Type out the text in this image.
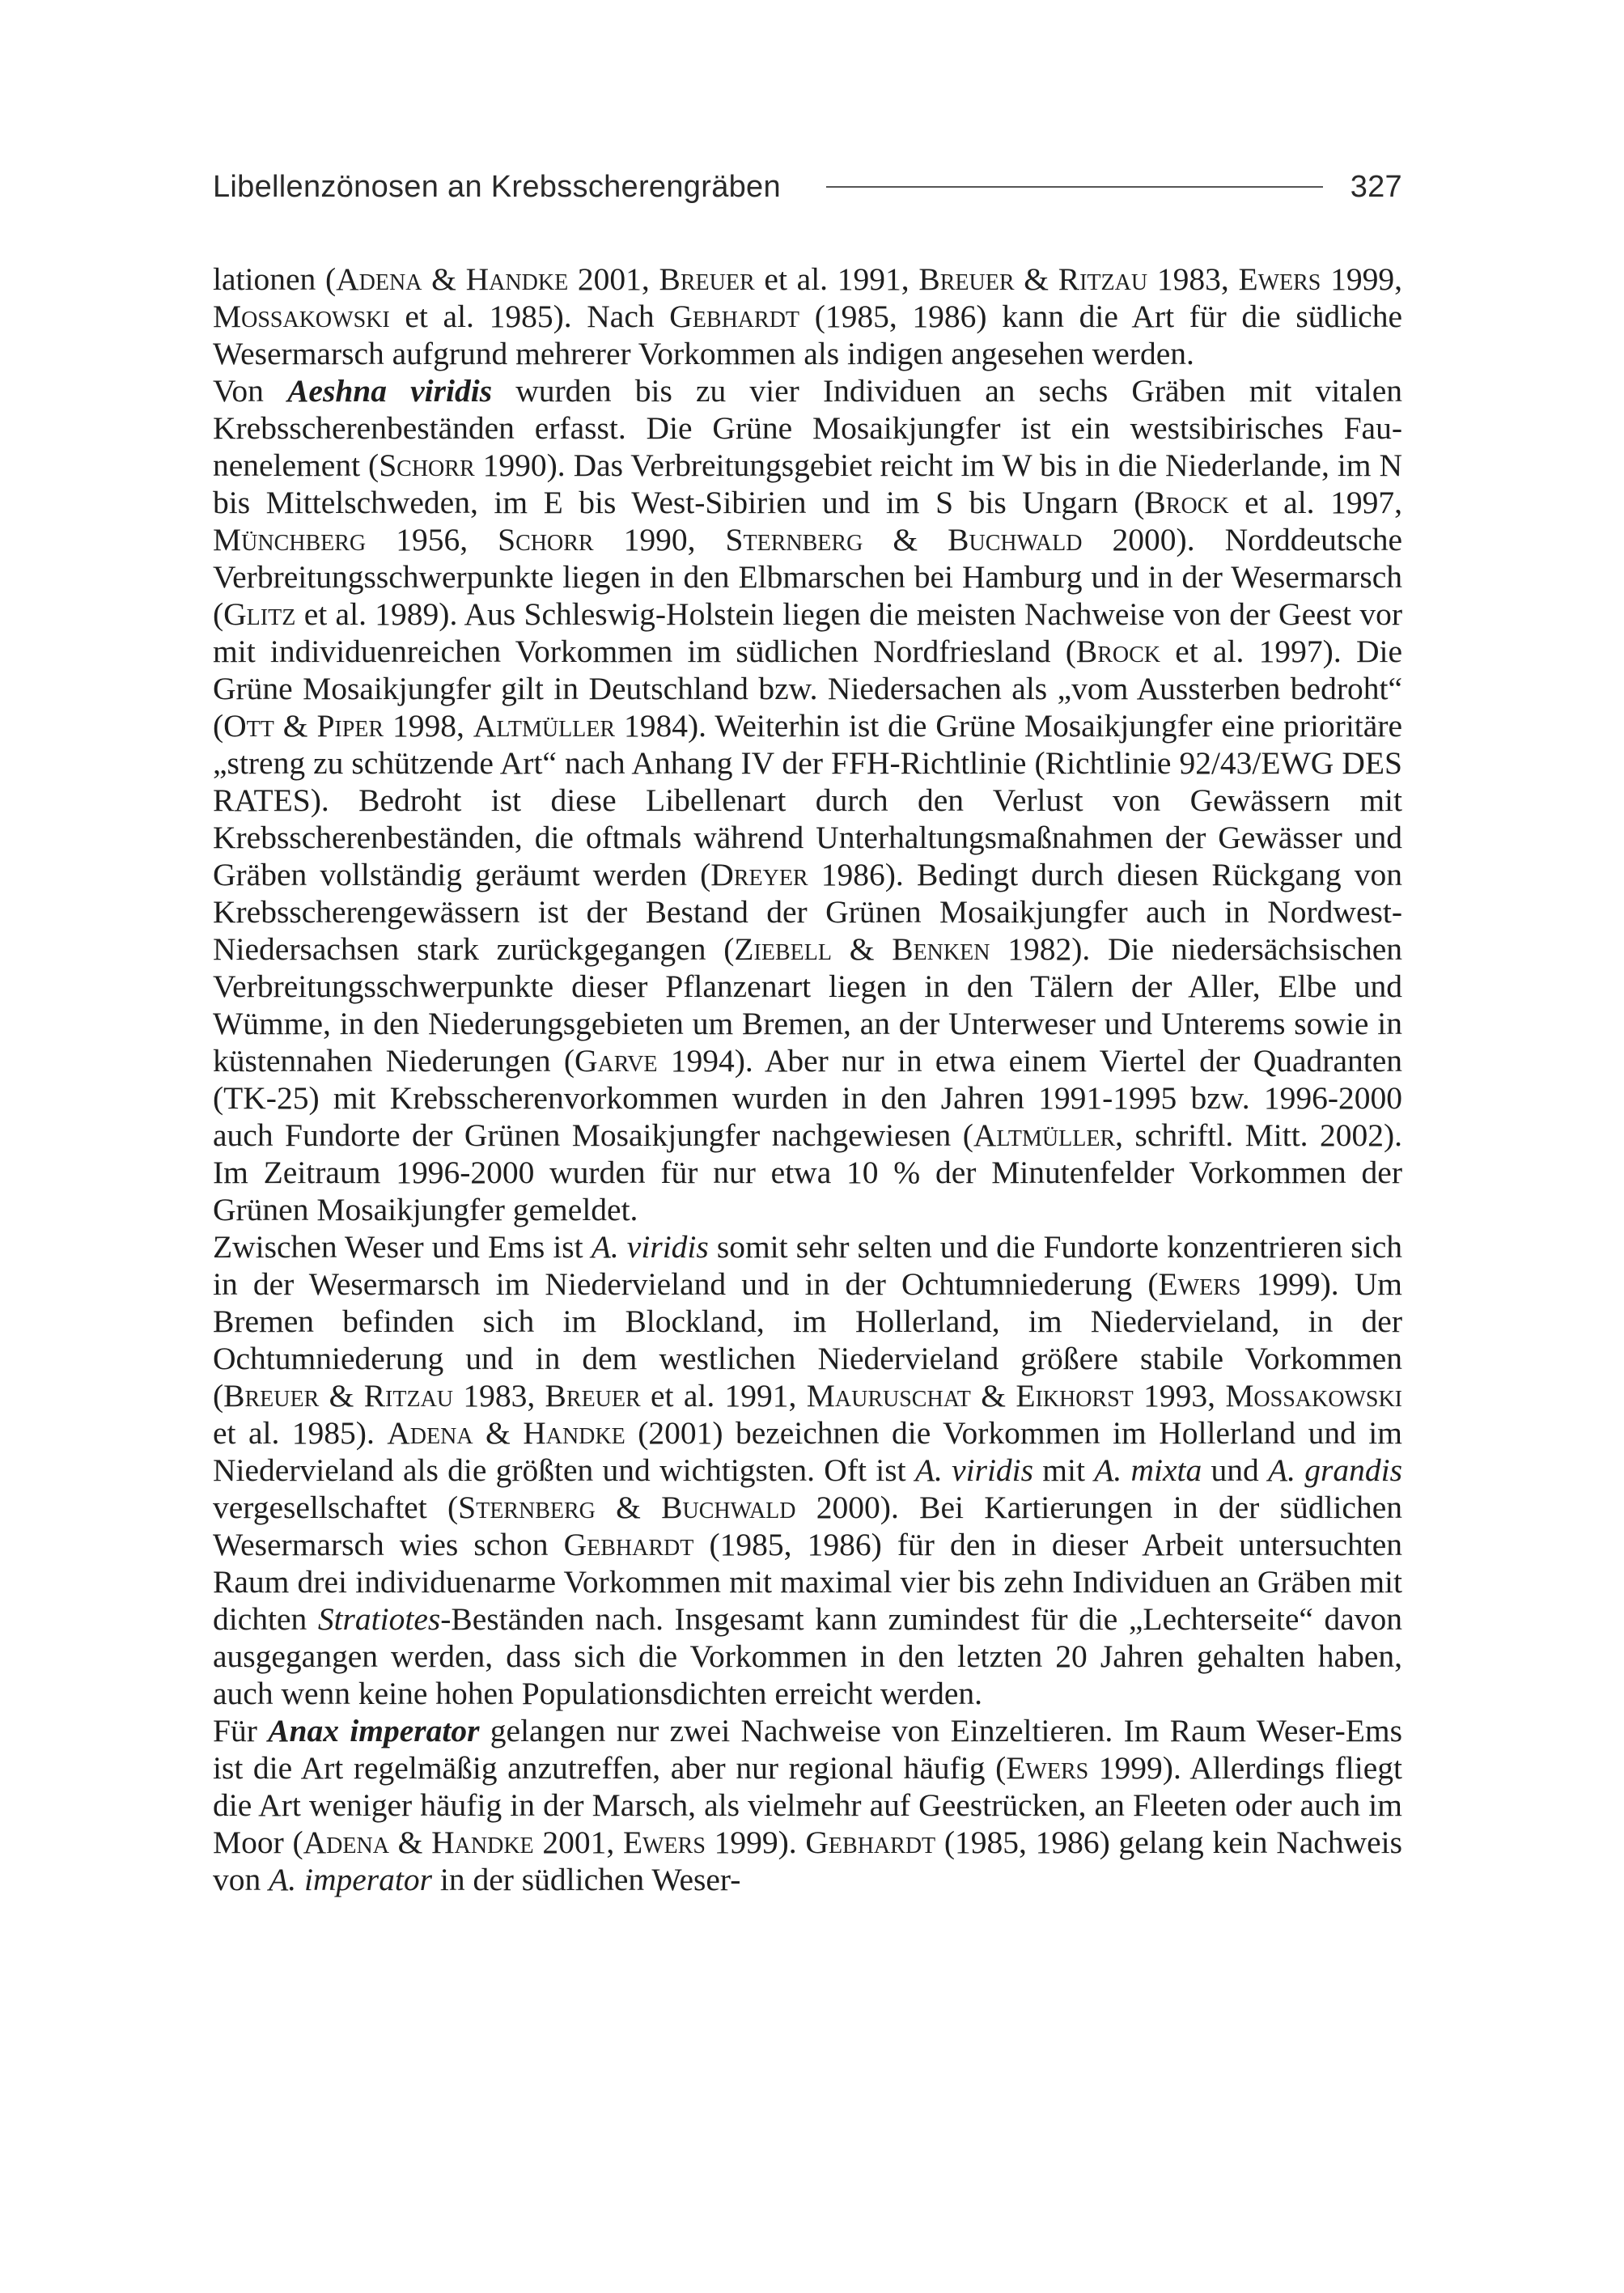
Libellenzönosen an Krebsscherengräben	327

lationen (Adena & Handke 2001, Breuer et al. 1991, Breuer & Ritzau 1983, Ewers 1999, Mossakowski et al. 1985). Nach Gebhardt (1985, 1986) kann die Art für die südliche Wesermarsch aufgrund mehrerer Vorkommen als indigen angesehen werden.

Von Aeshna viridis wurden bis zu vier Individuen an sechs Gräben mit vitalen Krebsscherenbeständen erfasst. Die Grüne Mosaikjungfer ist ein westsibirisches Faunenelement (Schorr 1990). Das Verbreitungsgebiet reicht im W bis in die Niederlande, im N bis Mittelschweden, im E bis West-Sibirien und im S bis Ungarn (Brock et al. 1997, Münchberg 1956, Schorr 1990, Sternberg & Buchwald 2000). Norddeutsche Verbreitungsschwerpunkte liegen in den Elbmarschen bei Hamburg und in der Wesermarsch (Glitz et al. 1989). Aus Schleswig-Holstein liegen die meisten Nachweise von der Geest vor mit individuenreichen Vorkommen im südlichen Nordfriesland (Brock et al. 1997). Die Grüne Mosaikjungfer gilt in Deutschland bzw. Niedersachen als „vom Aussterben bedroht“ (Ott & Piper 1998, Altmüller 1984). Weiterhin ist die Grüne Mosaikjungfer eine prioritäre „streng zu schützende Art“ nach Anhang IV der FFH-Richtlinie (Richtlinie 92/43/EWG DES RATES). Bedroht ist diese Libellenart durch den Verlust von Gewässern mit Krebsscherenbeständen, die oftmals während Unterhaltungsmaßnahmen der Gewässer und Gräben vollständig geräumt werden (Dreyer 1986). Bedingt durch diesen Rückgang von Krebsscherengewässern ist der Bestand der Grünen Mosaikjungfer auch in Nordwest-Niedersachsen stark zurückgegangen (Ziebell & Benken 1982). Die niedersächsischen Verbreitungsschwerpunkte dieser Pflanzenart liegen in den Tälern der Aller, Elbe und Wümme, in den Niederungsgebieten um Bremen, an der Unterweser und Unterems sowie in küstennahen Niederungen (Garve 1994). Aber nur in etwa einem Viertel der Quadranten (TK-25) mit Krebsscherenvorkommen wurden in den Jahren 1991-1995 bzw. 1996-2000 auch Fundorte der Grünen Mosaikjungfer nachgewiesen (Altmüller, schriftl. Mitt. 2002). Im Zeitraum 1996-2000 wurden für nur etwa 10 % der Minutenfelder Vorkommen der Grünen Mosaikjungfer gemeldet.

Zwischen Weser und Ems ist A. viridis somit sehr selten und die Fundorte konzentrieren sich in der Wesermarsch im Niedervieland und in der Ochtumniederung (Ewers 1999). Um Bremen befinden sich im Blockland, im Hollerland, im Niedervieland, in der Ochtumniederung und in dem westlichen Niedervieland größere stabile Vorkommen (Breuer & Ritzau 1983, Breuer et al. 1991, Mauruschat & Eikhorst 1993, Mossakowski et al. 1985). Adena & Handke (2001) bezeichnen die Vorkommen im Hollerland und im Niedervieland als die größten und wichtigsten. Oft ist A. viridis mit A. mixta und A. grandis vergesellschaftet (Sternberg & Buchwald 2000). Bei Kartierungen in der südlichen Wesermarsch wies schon Gebhardt (1985, 1986) für den in dieser Arbeit untersuchten Raum drei individuenarme Vorkommen mit maximal vier bis zehn Individuen an Gräben mit dichten Stratiotes-Beständen nach. Insgesamt kann zumindest für die „Lechterseite“ davon ausgegangen werden, dass sich die Vorkommen in den letzten 20 Jahren gehalten haben, auch wenn keine hohen Populationsdichten erreicht werden.

Für Anax imperator gelangen nur zwei Nachweise von Einzeltieren. Im Raum Weser-Ems ist die Art regelmäßig anzutreffen, aber nur regional häufig (Ewers 1999). Allerdings fliegt die Art weniger häufig in der Marsch, als vielmehr auf Geestrücken, an Fleeten oder auch im Moor (Adena & Handke 2001, Ewers 1999). Gebhardt (1985, 1986) gelang kein Nachweis von A. imperator in der südlichen Weser-
